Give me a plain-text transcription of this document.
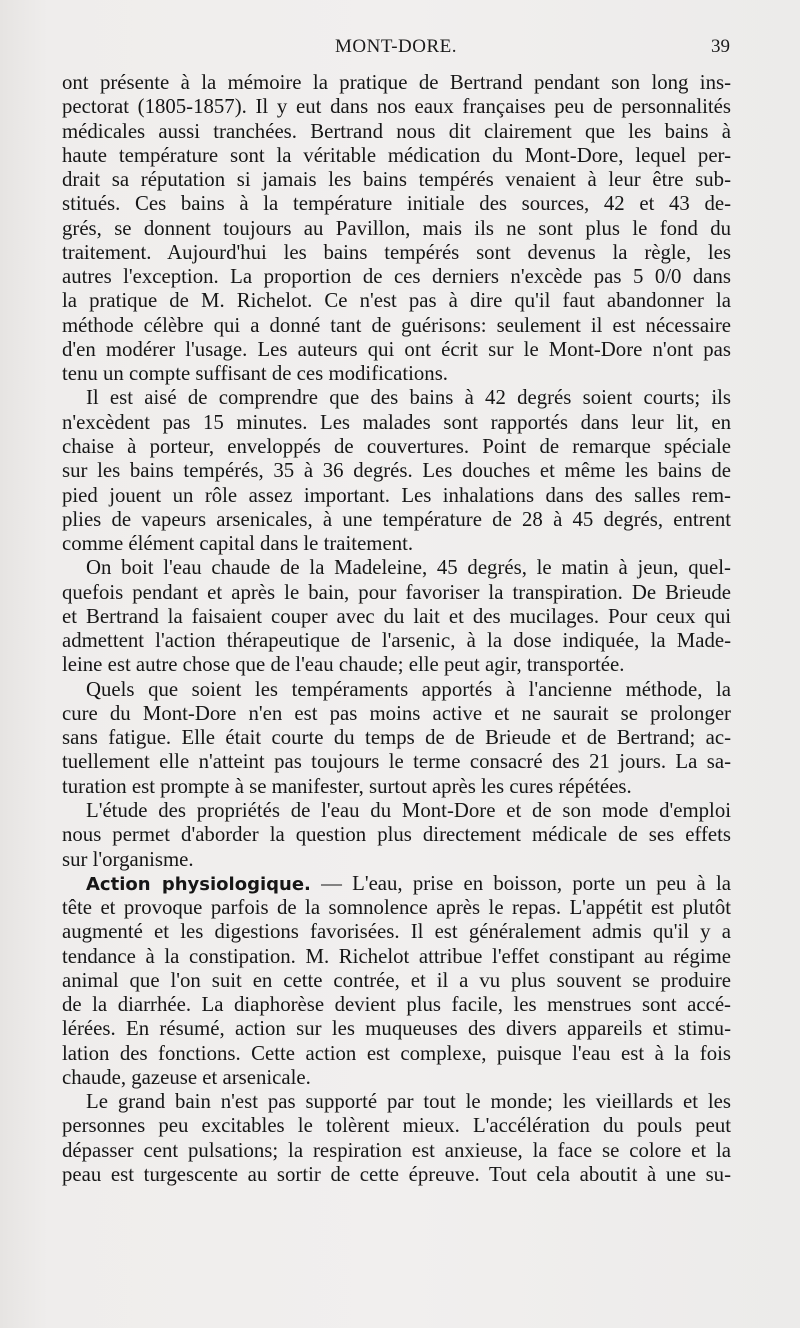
MONT-DORE.	39
ont présente à la mémoire la pratique de Bertrand pendant son long ins-
pectorat (1805-1857). Il y eut dans nos eaux françaises peu de personnalités
médicales aussi tranchées. Bertrand nous dit clairement que les bains à
haute température sont la véritable médication du Mont-Dore, lequel per-
drait sa réputation si jamais les bains tempérés venaient à leur être sub-
stitués. Ces bains à la température initiale des sources, 42 et 43 de-
grés, se donnent toujours au Pavillon, mais ils ne sont plus le fond du
traitement. Aujourd'hui les bains tempérés sont devenus la règle, les
autres l'exception. La proportion de ces derniers n'excède pas 5 0/0 dans
la pratique de M. Richelot. Ce n'est pas à dire qu'il faut abandonner la
méthode célèbre qui a donné tant de guérisons: seulement il est nécessaire
d'en modérer l'usage. Les auteurs qui ont écrit sur le Mont-Dore n'ont pas
tenu un compte suffisant de ces modifications.
Il est aisé de comprendre que des bains à 42 degrés soient courts; ils
n'excèdent pas 15 minutes. Les malades sont rapportés dans leur lit, en
chaise à porteur, enveloppés de couvertures. Point de remarque spéciale
sur les bains tempérés, 35 à 36 degrés. Les douches et même les bains de
pied jouent un rôle assez important. Les inhalations dans des salles rem-
plies de vapeurs arsenicales, à une température de 28 à 45 degrés, entrent
comme élément capital dans le traitement.
On boit l'eau chaude de la Madeleine, 45 degrés, le matin à jeun, quel-
quefois pendant et après le bain, pour favoriser la transpiration. De Brieude
et Bertrand la faisaient couper avec du lait et des mucilages. Pour ceux qui
admettent l'action thérapeutique de l'arsenic, à la dose indiquée, la Made-
leine est autre chose que de l'eau chaude; elle peut agir, transportée.
Quels que soient les tempéraments apportés à l'ancienne méthode, la
cure du Mont-Dore n'en est pas moins active et ne saurait se prolonger
sans fatigue. Elle était courte du temps de de Brieude et de Bertrand; ac-
tuellement elle n'atteint pas toujours le terme consacré des 21 jours. La sa-
turation est prompte à se manifester, surtout après les cures répétées.
L'étude des propriétés de l'eau du Mont-Dore et de son mode d'emploi
nous permet d'aborder la question plus directement médicale de ses effets
sur l'organisme.
Action physiologique. — L'eau, prise en boisson, porte un peu à la
tête et provoque parfois de la somnolence après le repas. L'appétit est plutôt
augmenté et les digestions favorisées. Il est généralement admis qu'il y a
tendance à la constipation. M. Richelot attribue l'effet constipant au régime
animal que l'on suit en cette contrée, et il a vu plus souvent se produire
de la diarrhée. La diaphorèse devient plus facile, les menstrues sont accé-
lérées. En résumé, action sur les muqueuses des divers appareils et stimu-
lation des fonctions. Cette action est complexe, puisque l'eau est à la fois
chaude, gazeuse et arsenicale.
Le grand bain n'est pas supporté par tout le monde; les vieillards et les
personnes peu excitables le tolèrent mieux. L'accélération du pouls peut
dépasser cent pulsations; la respiration est anxieuse, la face se colore et la
peau est turgescente au sortir de cette épreuve. Tout cela aboutit à une su-
